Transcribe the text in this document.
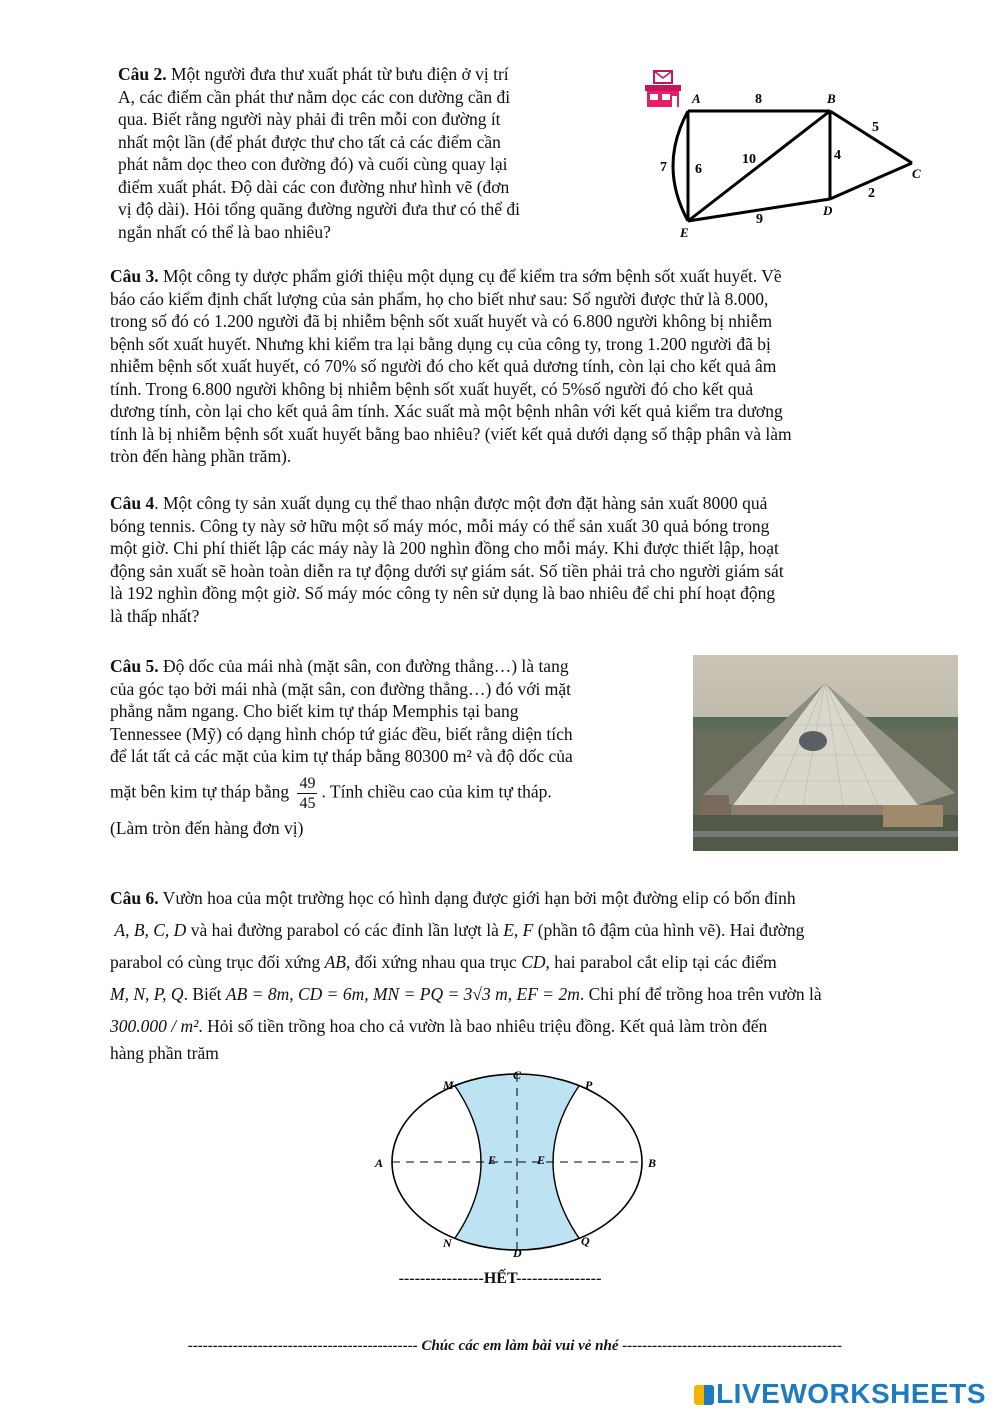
Câu 2. Một người đưa thư xuất phát từ bưu điện ở vị trí
A, các điểm cần phát thư nằm dọc các con dường cần đi
qua. Biết rằng người này phải đi trên mỗi con đường ít
nhất một lần (để phát được thư cho tất cả các điểm cần
phát nằm dọc theo con đường đó) và cuối cùng quay lại
điểm xuất phát. Độ dài các con đường như hình vẽ (đơn
vị độ dài). Hỏi tổng quãng đường người đưa thư có thể đi
ngắn nhất có thể là bao nhiêu?
A	B
C
D
E
8
5
2
4
10
9
6
7
Câu 3. Một công ty dược phẩm giới thiệu một dụng cụ để kiểm tra sớm bệnh sốt xuất huyết. Về
báo cáo kiểm định chất lượng của sản phẩm, họ cho biết như sau: Số người được thử là 8.000,
trong số đó có 1.200 người đã bị nhiễm bệnh sốt xuất huyết và có 6.800 người không bị nhiễm
bệnh sốt xuất huyết. Nhưng khi kiểm tra lại bằng dụng cụ của công ty, trong 1.200 người đã bị
nhiễm bệnh sốt xuất huyết, có 70% số người đó cho kết quả dương tính, còn lại cho kết quả âm
tính. Trong 6.800 người không bị nhiễm bệnh sốt xuất huyết, có 5%số người đó cho kết quả
dương tính, còn lại cho kết quả âm tính. Xác suất mà một bệnh nhân với kết quả kiểm tra dương
tính là bị nhiễm bệnh sốt xuất huyết bằng bao nhiêu? (viết kết quả dưới dạng số thập phân và làm
tròn đến hàng phần trăm).
Câu 4. Một công ty sản xuất dụng cụ thể thao nhận được một đơn đặt hàng sản xuất 8000 quả
bóng tennis. Công ty này sở hữu một số máy móc, mỗi máy có thể sản xuất 30 quả bóng trong
một giờ. Chi phí thiết lập các máy này là 200 nghìn đồng cho mỗi máy. Khi được thiết lập, hoạt
động sản xuất sẽ hoàn toàn diễn ra tự động dưới sự giám sát. Số tiền phải trả cho người giám sát
là 192 nghìn đồng một giờ. Số máy móc công ty nên sử dụng là bao nhiêu để chi phí hoạt động
là thấp nhất?
Câu 5. Độ dốc của mái nhà (mặt sân, con đường thẳng…) là tang
của góc tạo bởi mái nhà (mặt sân, con đường thẳng…) đó với mặt
phẳng nằm ngang. Cho biết kim tự tháp Memphis tại bang
Tennessee (Mỹ) có dạng hình chóp tứ giác đều, biết rằng diện tích
để lát tất cả các mặt của kim tự tháp bằng 80300 m² và độ dốc của
mặt bên kim tự tháp bằng $\frac{49}{45}$ . Tính chiều cao của kim tự tháp.
(Làm tròn đến hàng đơn vị)
Câu 6. Vườn hoa của một trường học có hình dạng được giới hạn bởi một đường elip có bốn đỉnh
A, B, C, D và hai đường parabol có các đỉnh lần lượt là E, F (phần tô đậm của hình vẽ). Hai đường
parabol có cùng trục đối xứng AB, đối xứng nhau qua trục CD, hai parabol cắt elip tại các điểm
M, N, P, Q. Biết AB = 8m, CD = 6m, MN = PQ = 3√3 m, EF = 2m. Chi phí để trồng hoa trên vườn là
300.000 / m². Hỏi số tiền trồng hoa cho cả vườn là bao nhiêu triệu đồng. Kết quả làm tròn đến
hàng phần trăm
M
C
P
A	E	E	B
N
D
Q
----------------HẾT----------------
---------------------------------------------- Chúc các em làm bài vui vẻ nhé --------------------------------------------
LIVEWORKSHEETS
